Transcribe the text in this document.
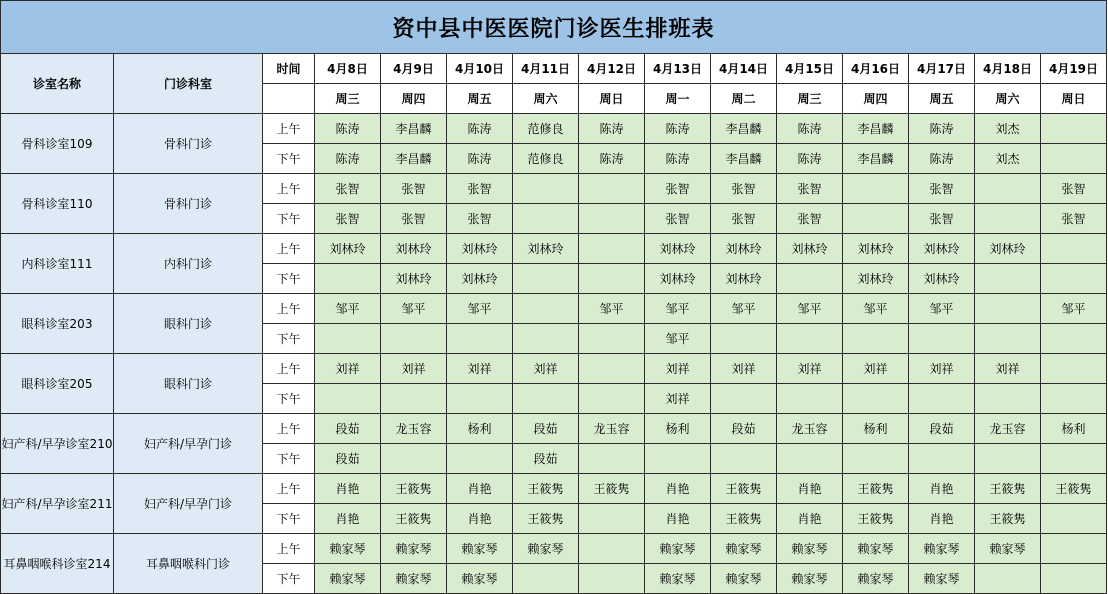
资中县中医医院门诊医生排班表														
诊室名称	门诊科室	时间	4月8日	4月9日	4月10日	4月11日	4月12日	4月13日	4月14日	4月15日	4月16日	4月17日	4月18日	4月19日
			周三	周四	周五	周六	周日	周一	周二	周三	周四	周五	周六	周日
骨科诊室109	骨科门诊	上午	陈涛	李昌麟	陈涛	范修良	陈涛	陈涛	李昌麟	陈涛	李昌麟	陈涛	刘杰	
		下午	陈涛	李昌麟	陈涛	范修良	陈涛	陈涛	李昌麟	陈涛	李昌麟	陈涛	刘杰	
骨科诊室110	骨科门诊	上午	张智	张智	张智			张智	张智	张智		张智		张智
		下午	张智	张智	张智			张智	张智	张智		张智		张智
内科诊室111	内科门诊	上午	刘林玲	刘林玲	刘林玲	刘林玲		刘林玲	刘林玲	刘林玲	刘林玲	刘林玲	刘林玲	
		下午		刘林玲	刘林玲			刘林玲	刘林玲		刘林玲	刘林玲		
眼科诊室203	眼科门诊	上午	邹平	邹平	邹平		邹平	邹平	邹平	邹平	邹平	邹平		邹平
		下午						邹平						
眼科诊室205	眼科门诊	上午	刘祥	刘祥	刘祥	刘祥		刘祥	刘祥	刘祥	刘祥	刘祥	刘祥	
		下午						刘祥						
妇产科/早孕诊室210	妇产科/早孕门诊	上午	段茹	龙玉容	杨利	段茹	龙玉容	杨利	段茹	龙玉容	杨利	段茹	龙玉容	杨利
		下午	段茹			段茹								
妇产科/早孕诊室211	妇产科/早孕门诊	上午	肖艳	王筱隽	肖艳	王筱隽	王筱隽	肖艳	王筱隽	肖艳	王筱隽	肖艳	王筱隽	王筱隽
		下午	肖艳	王筱隽	肖艳	王筱隽		肖艳	王筱隽	肖艳	王筱隽	肖艳	王筱隽	
耳鼻咽喉科诊室214	耳鼻咽喉科门诊	上午	赖家琴	赖家琴	赖家琴	赖家琴		赖家琴	赖家琴	赖家琴	赖家琴	赖家琴	赖家琴	
		下午	赖家琴	赖家琴	赖家琴			赖家琴	赖家琴	赖家琴	赖家琴	赖家琴		
